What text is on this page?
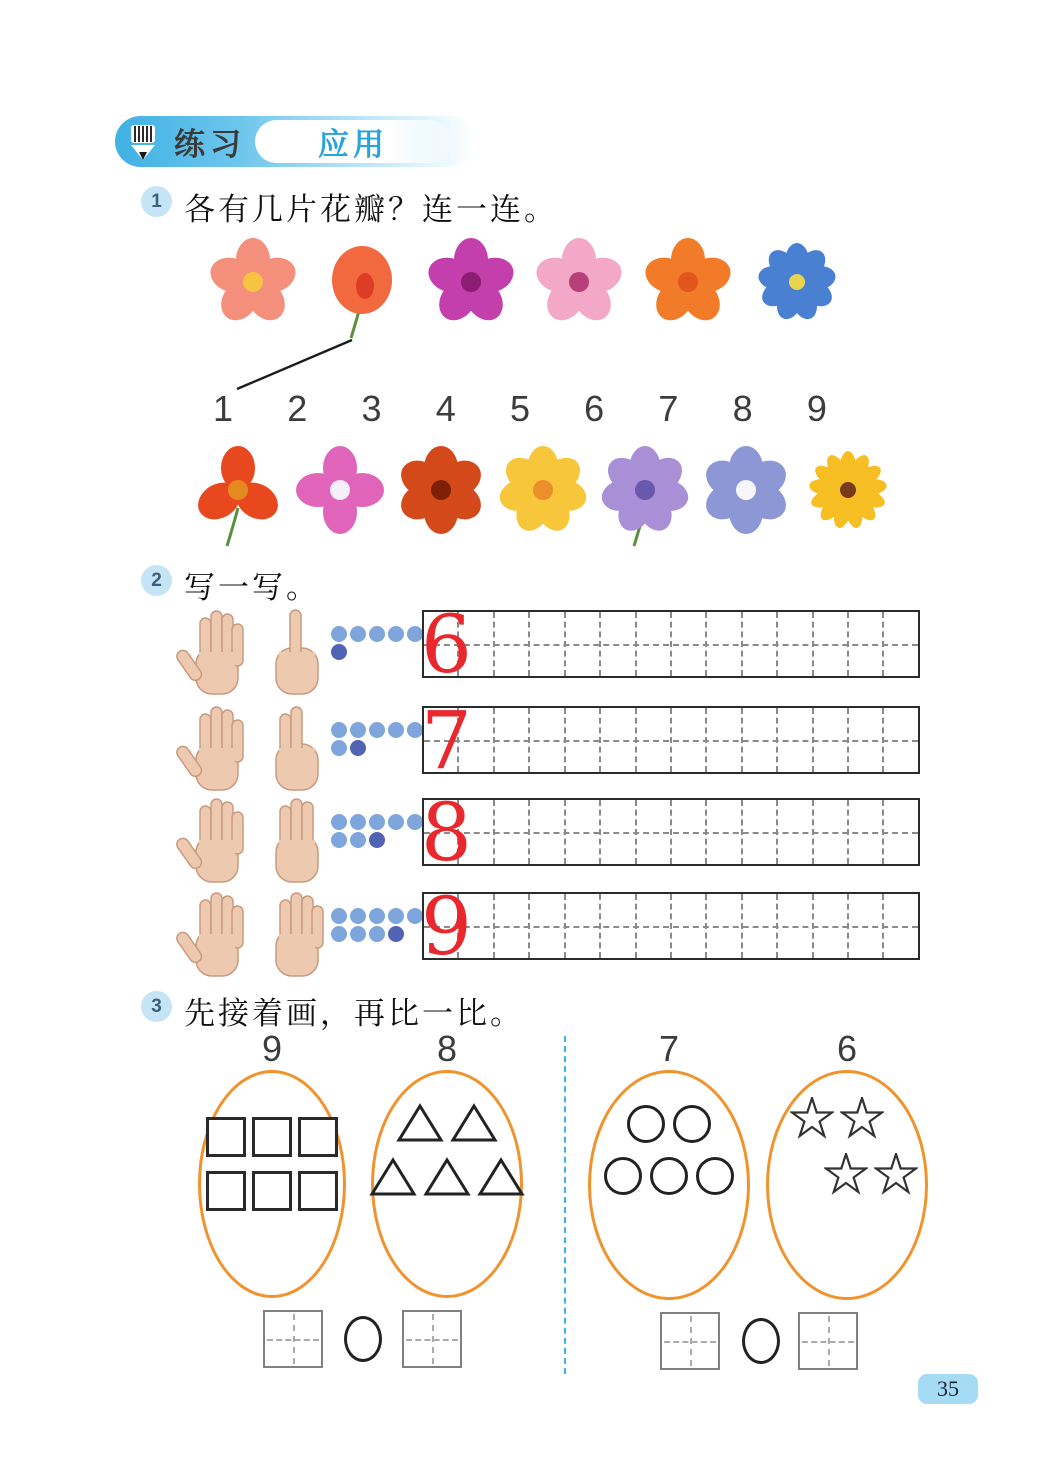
练习 应用
1 各有几片花瓣？连一连。
1 2 3 4 5 6 7 8 9
2 写一写。
6
7
8
9
3 先接着画，再比一比。
9	8	7	6
35
